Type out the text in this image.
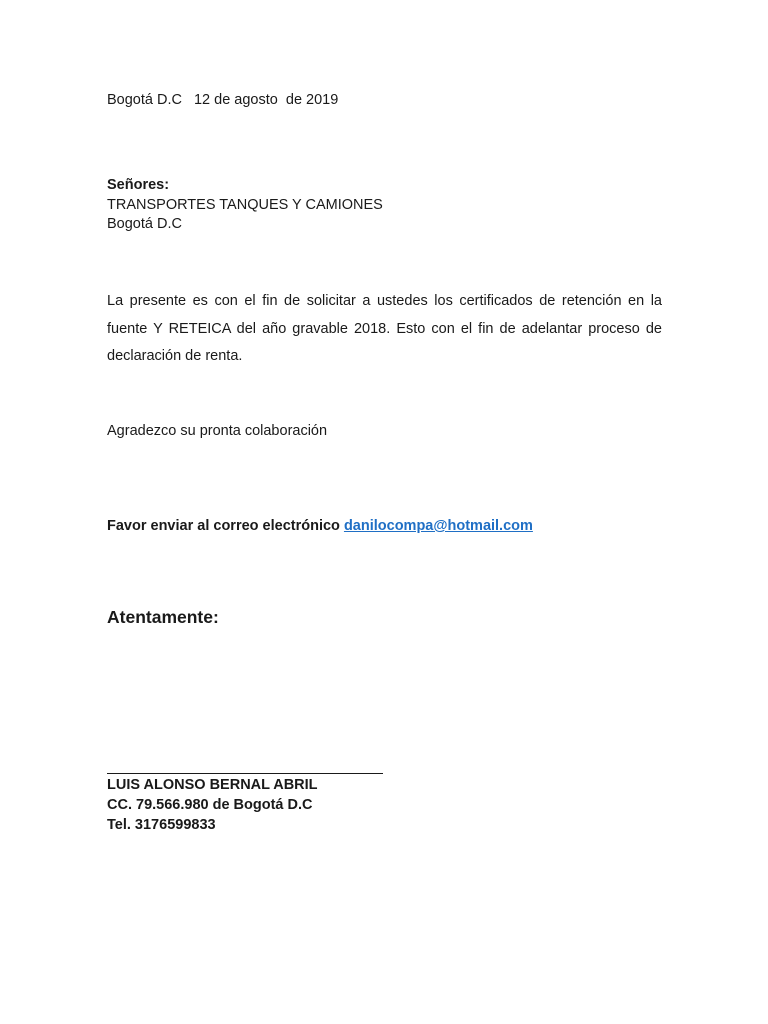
Bogotá D.C 12 de agosto  de 2019
Señores:
TRANSPORTES TANQUES Y CAMIONES
Bogotá D.C
La presente es con el fin de solicitar a ustedes los certificados de retención en la fuente Y RETEICA del año gravable 2018. Esto con el fin de adelantar proceso de declaración de renta.
Agradezco su pronta colaboración
Favor enviar al correo electrónico danilocompa@hotmail.com
Atentamente:
LUIS ALONSO BERNAL ABRIL
CC. 79.566.980 de Bogotá D.C
Tel. 3176599833
